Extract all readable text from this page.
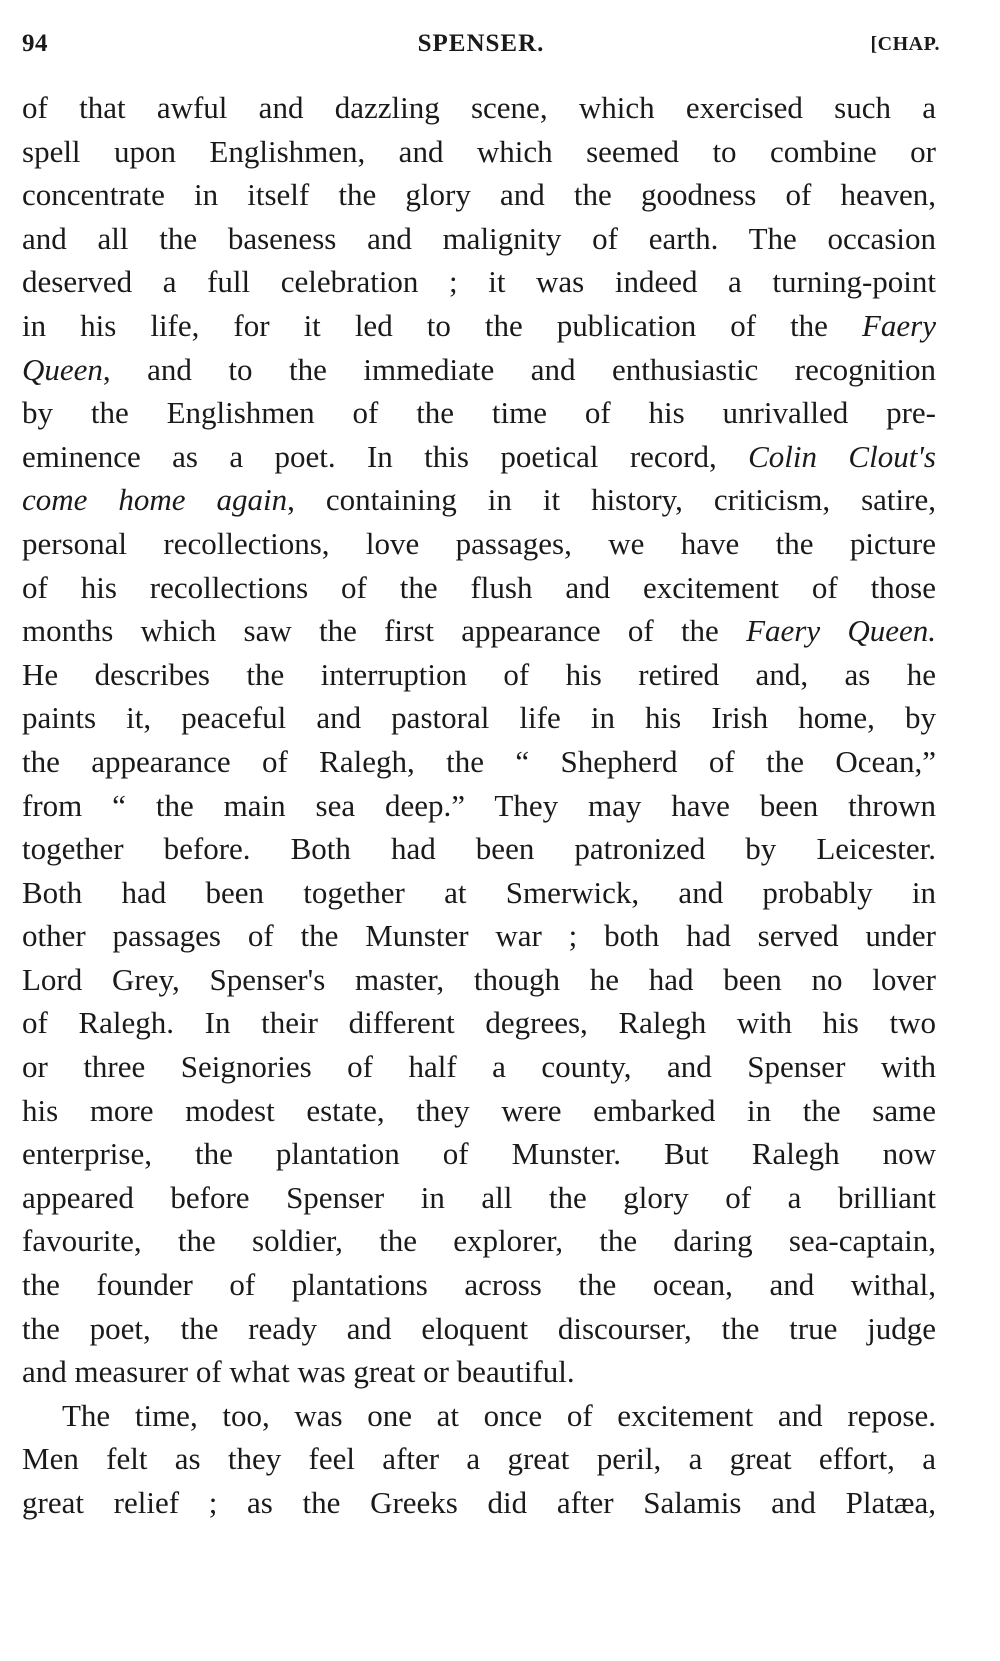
94	SPENSER.	[CHAP.
of that awful and dazzling scene, which exercised such a
spell upon Englishmen, and which seemed to combine or
concentrate in itself the glory and the goodness of heaven,
and all the baseness and malignity of earth. The occasion
deserved a full celebration ; it was indeed a turning-point
in his life, for it led to the publication of the Faery
Queen, and to the immediate and enthusiastic recognition
by the Englishmen of the time of his unrivalled pre-
eminence as a poet. In this poetical record, Colin Clout's
come home again, containing in it history, criticism, satire,
personal recollections, love passages, we have the picture
of his recollections of the flush and excitement of those
months which saw the first appearance of the Faery Queen.
He describes the interruption of his retired and, as he
paints it, peaceful and pastoral life in his Irish home, by
the appearance of Ralegh, the “ Shepherd of the Ocean,”
from “ the main sea deep.” They may have been thrown
together before. Both had been patronized by Leicester.
Both had been together at Smerwick, and probably in
other passages of the Munster war ; both had served under
Lord Grey, Spenser's master, though he had been no lover
of Ralegh. In their different degrees, Ralegh with his two
or three Seignories of half a county, and Spenser with
his more modest estate, they were embarked in the same
enterprise, the plantation of Munster. But Ralegh now
appeared before Spenser in all the glory of a brilliant
favourite, the soldier, the explorer, the daring sea-captain,
the founder of plantations across the ocean, and withal,
the poet, the ready and eloquent discourser, the true judge
and measurer of what was great or beautiful.
The time, too, was one at once of excitement and repose.
Men felt as they feel after a great peril, a great effort, a
great relief ; as the Greeks did after Salamis and Platæa,
